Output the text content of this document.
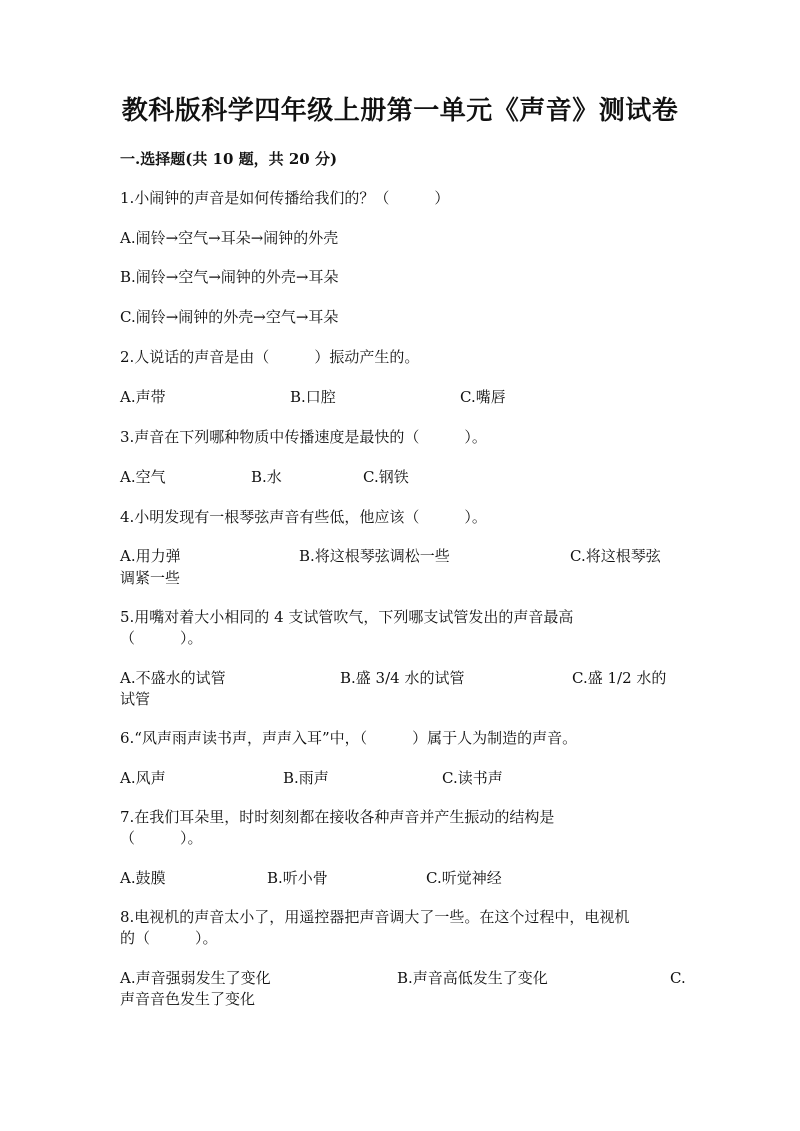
教科版科学四年级上册第一单元《声音》测试卷
一.选择题(共 10 题，共 20 分)
1.小闹钟的声音是如何传播给我们的？（　　　）
A.闹铃→空气→耳朵→闹钟的外壳
B.闹铃→空气→闹钟的外壳→耳朵
C.闹铃→闹钟的外壳→空气→耳朵
2.人说话的声音是由（　　　）振动产生的。
A.声带	B.口腔	C.嘴唇
3.声音在下列哪种物质中传播速度是最快的（　　　）。
A.空气	B.水	C.钢铁
4.小明发现有一根琴弦声音有些低，他应该（　　　）。
A.用力弹	B.将这根琴弦调松一些	C.将这根琴弦
调紧一些
5.用嘴对着大小相同的 4 支试管吹气，下列哪支试管发出的声音最高
（　　　）。
A.不盛水的试管	B.盛 3/4 水的试管	C.盛 1/2 水的
试管
6.“风声雨声读书声，声声入耳”中，（　　　）属于人为制造的声音。
A.风声	B.雨声	C.读书声
7.在我们耳朵里，时时刻刻都在接收各种声音并产生振动的结构是
（　　　）。
A.鼓膜	B.听小骨	C.听觉神经
8.电视机的声音太小了，用遥控器把声音调大了一些。在这个过程中，电视机
的（　　　）。
A.声音强弱发生了变化	B.声音高低发生了变化	C.
声音音色发生了变化
